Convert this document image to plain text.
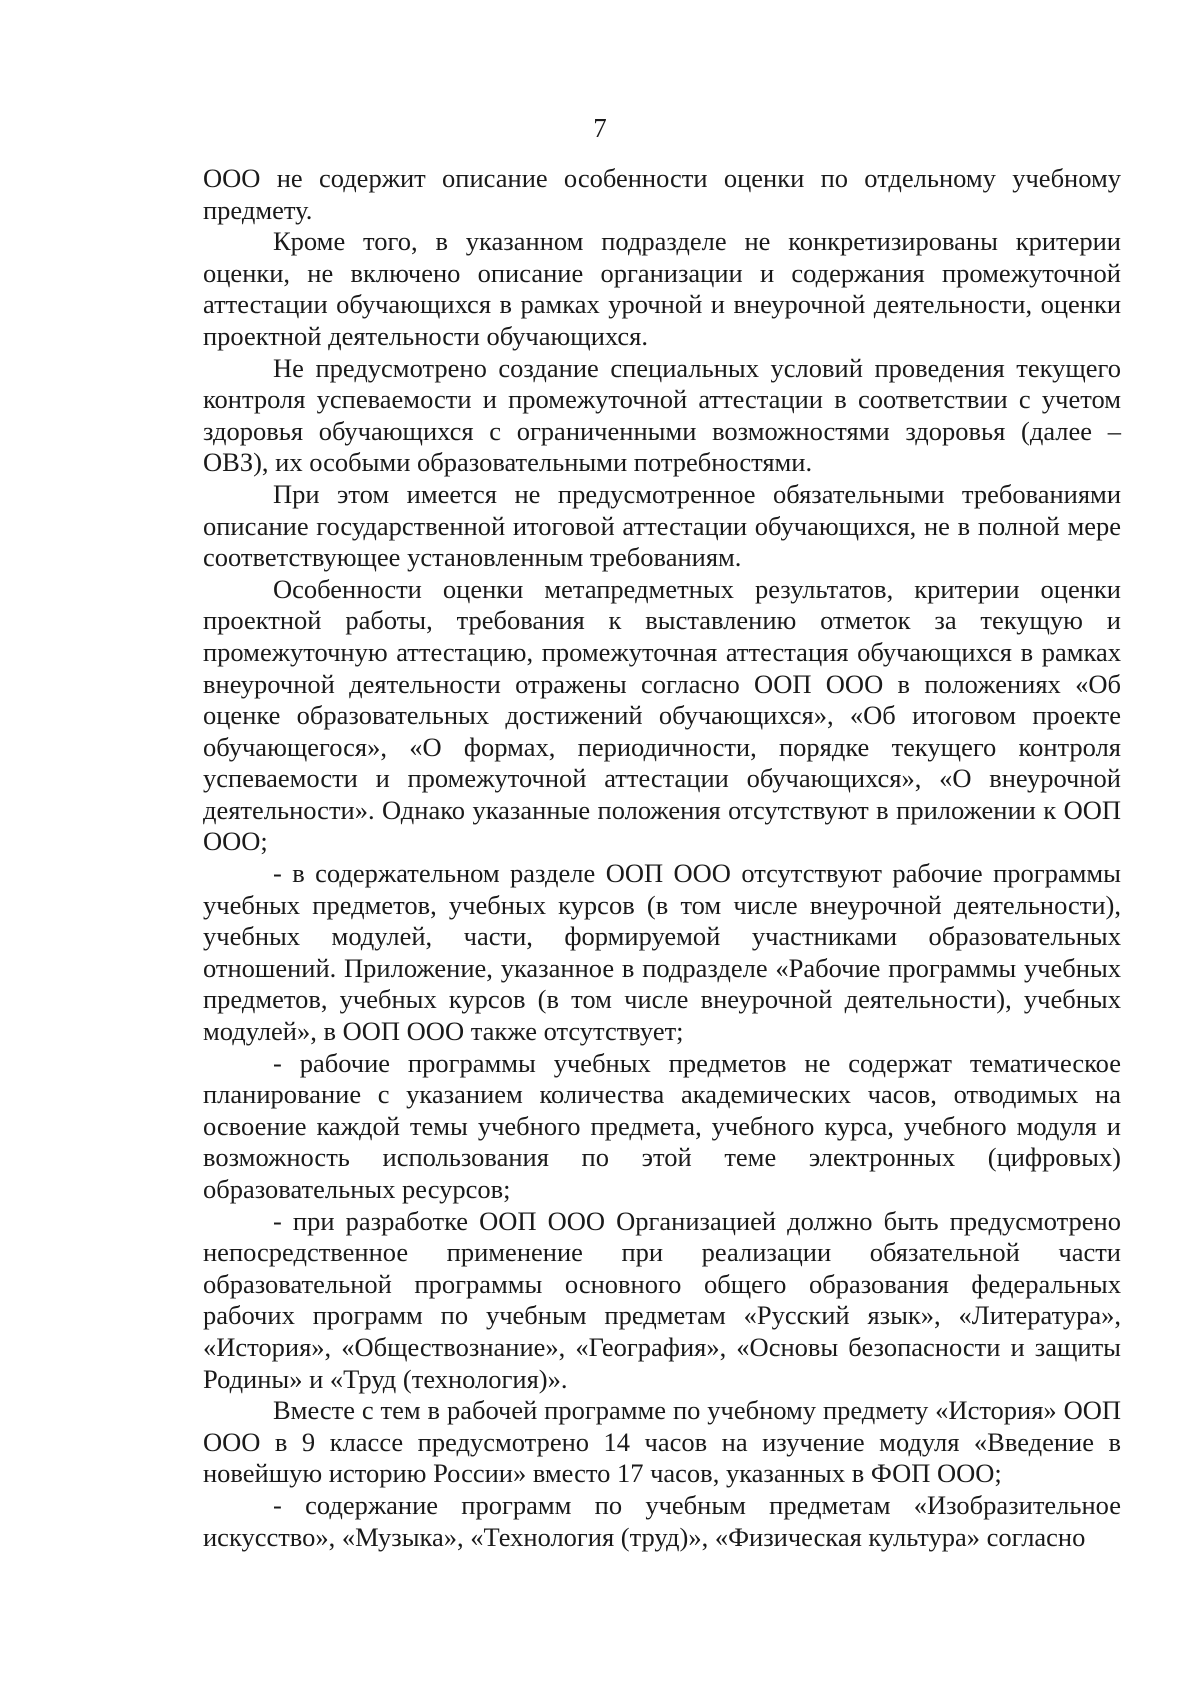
7

ООО не содержит описание особенности оценки по отдельному учебному предмету.

Кроме того, в указанном подразделе не конкретизированы критерии оценки, не включено описание организации и содержания промежуточной аттестации обучающихся в рамках урочной и внеурочной деятельности, оценки проектной деятельности обучающихся.

Не предусмотрено создание специальных условий проведения текущего контроля успеваемости и промежуточной аттестации в соответствии с учетом здоровья обучающихся с ограниченными возможностями здоровья (далее – ОВЗ), их особыми образовательными потребностями.

При этом имеется не предусмотренное обязательными требованиями описание государственной итоговой аттестации обучающихся, не в полной мере соответствующее установленным требованиям.

Особенности оценки метапредметных результатов, критерии оценки проектной работы, требования к выставлению отметок за текущую и промежуточную аттестацию, промежуточная аттестация обучающихся в рамках внеурочной деятельности отражены согласно ООП ООО в положениях «Об оценке образовательных достижений обучающихся», «Об итоговом проекте обучающегося», «О формах, периодичности, порядке текущего контроля успеваемости и промежуточной аттестации обучающихся», «О внеурочной деятельности». Однако указанные положения отсутствуют в приложении к ООП ООО;

- в содержательном разделе ООП ООО отсутствуют рабочие программы учебных предметов, учебных курсов (в том числе внеурочной деятельности), учебных модулей, части, формируемой участниками образовательных отношений. Приложение, указанное в подразделе «Рабочие программы учебных предметов, учебных курсов (в том числе внеурочной деятельности), учебных модулей», в ООП ООО также отсутствует;

- рабочие программы учебных предметов не содержат тематическое планирование с указанием количества академических часов, отводимых на освоение каждой темы учебного предмета, учебного курса, учебного модуля и возможность использования по этой теме электронных (цифровых) образовательных ресурсов;

- при разработке ООП ООО Организацией должно быть предусмотрено непосредственное применение при реализации обязательной части образовательной программы основного общего образования федеральных рабочих программ по учебным предметам «Русский язык», «Литература», «История», «Обществознание», «География», «Основы безопасности и защиты Родины» и «Труд (технология)».

Вместе с тем в рабочей программе по учебному предмету «История» ООП ООО в 9 классе предусмотрено 14 часов на изучение модуля «Введение в новейшую историю России» вместо 17 часов, указанных в ФОП ООО;

- содержание программ по учебным предметам «Изобразительное искусство», «Музыка», «Технология (труд)», «Физическая культура» согласно
